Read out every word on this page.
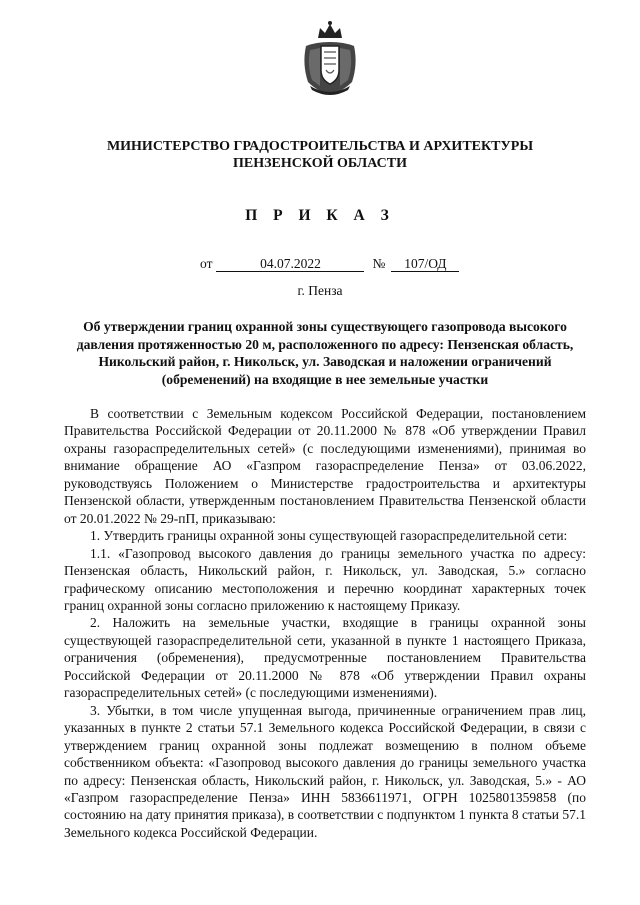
МИНИСТЕРСТВО ГРАДОСТРОИТЕЛЬСТВА И АРХИТЕКТУРЫ
ПЕНЗЕНСКОЙ ОБЛАСТИ
П Р И К А З
от	04.07.2022	№ 107/ОД
г. Пенза
Об утверждении границ охранной зоны существующего газопровода высокого давления протяженностью 20 м, расположенного по адресу: Пензенская область, Никольский район, г. Никольск, ул. Заводская и наложении ограничений (обременений) на входящие в нее земельные участки

В соответствии с Земельным кодексом Российской Федерации, постановлением Правительства Российской Федерации от 20.11.2000 № 878 «Об утверждении Правил охраны газораспределительных сетей» (с последующими изменениями), принимая во внимание обращение АО «Газпром газораспределение Пенза» от 03.06.2022, руководствуясь Положением о Министерстве градостроительства и архитектуры Пензенской области, утвержденным постановлением Правительства Пензенской области от 20.01.2022 № 29-пП, приказываю:

1. Утвердить границы охранной зоны существующей газораспределительной сети:

1.1. «Газопровод высокого давления до границы земельного участка по адресу: Пензенская область, Никольский район, г. Никольск, ул. Заводская, 5.» согласно графическому описанию местоположения и перечню координат характерных точек границ охранной зоны согласно приложению к настоящему Приказу.

2. Наложить на земельные участки, входящие в границы охранной зоны существующей газораспределительной сети, указанной в пункте 1 настоящего Приказа, ограничения (обременения), предусмотренные постановлением Правительства Российской Федерации от 20.11.2000 № 878 «Об утверждении Правил охраны газораспределительных сетей» (с последующими изменениями).

3. Убытки, в том числе упущенная выгода, причиненные ограничением прав лиц, указанных в пункте 2 статьи 57.1 Земельного кодекса Российской Федерации, в связи с утверждением границ охранной зоны подлежат возмещению в полном объеме собственником объекта: «Газопровод высокого давления до границы земельного участка по адресу: Пензенская область, Никольский район, г. Никольск, ул. Заводская, 5.» - АО «Газпром газораспределение Пенза» ИНН 5836611971, ОГРН 1025801359858 (по состоянию на дату принятия приказа), в соответствии с подпунктом 1 пункта 8 статьи 57.1 Земельного кодекса Российской Федерации.
